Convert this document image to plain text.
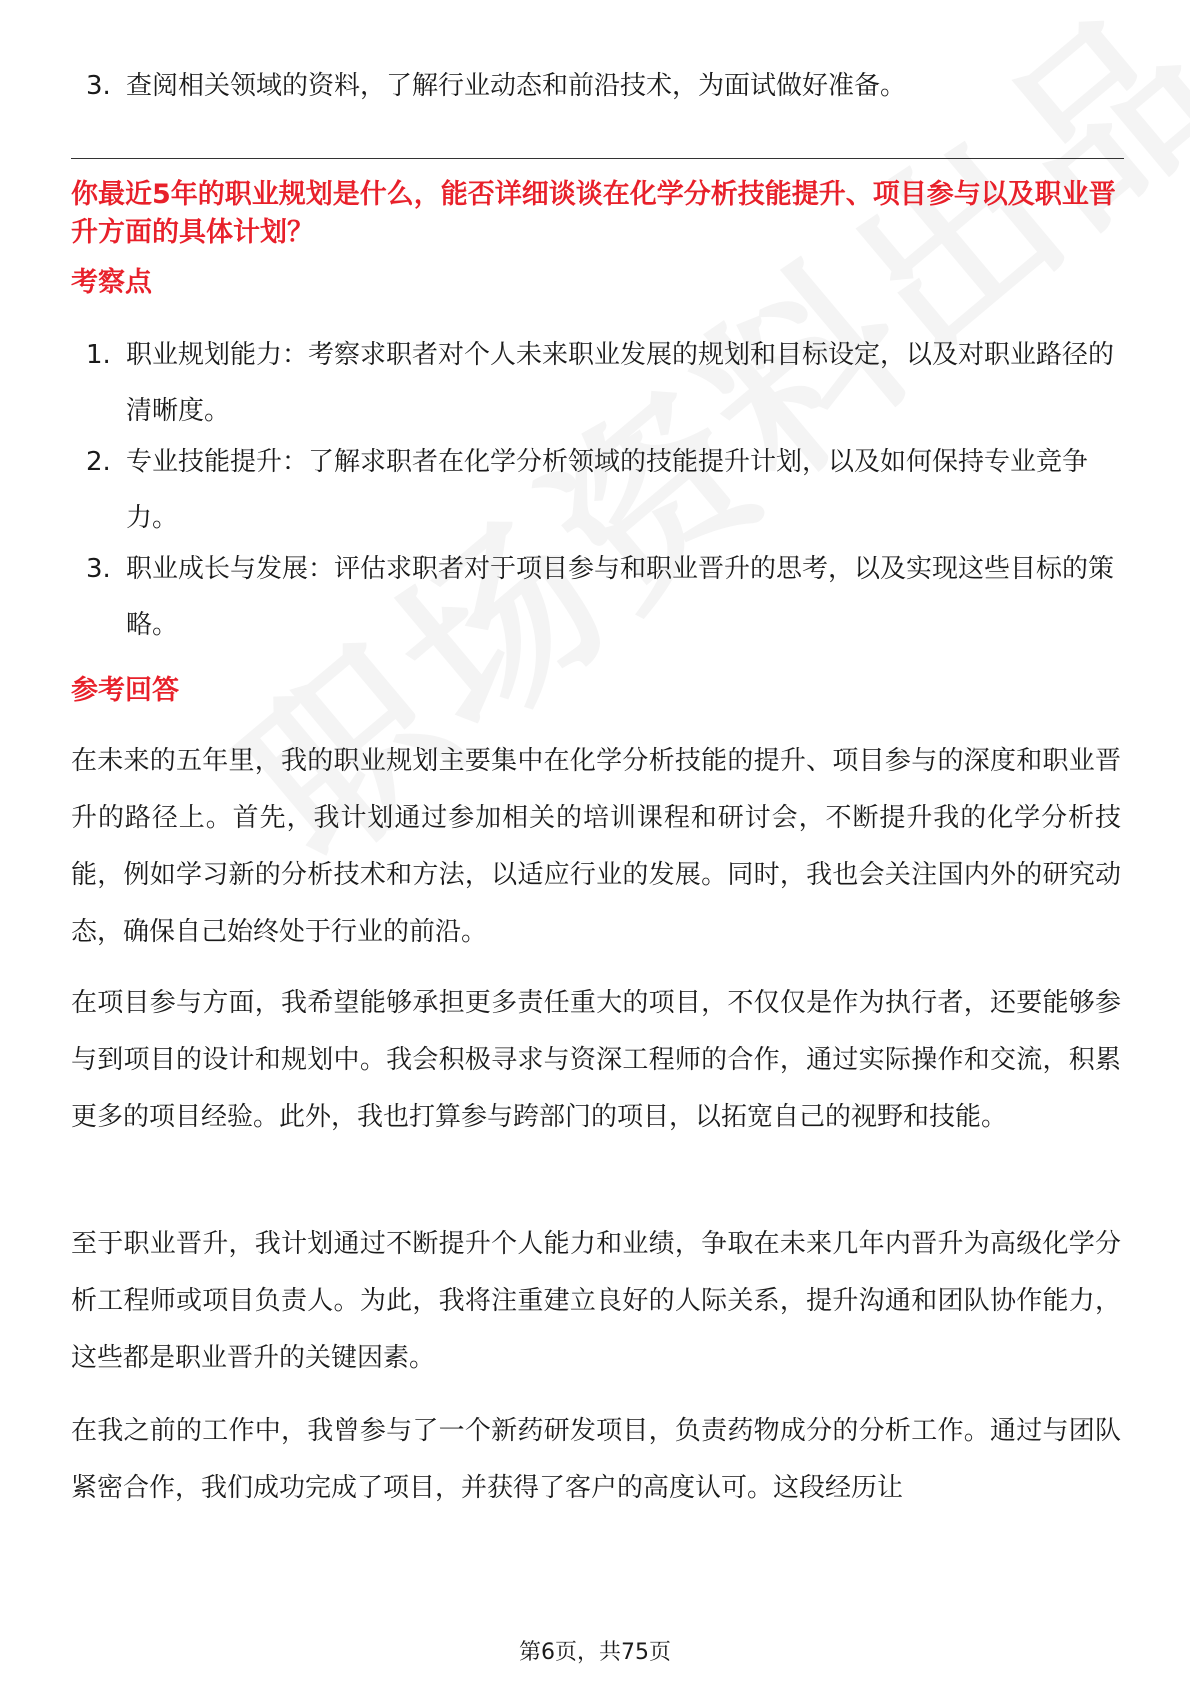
3. 查阅相关领域的资料，了解行业动态和前沿技术，为面试做好准备。
你最近5年的职业规划是什么，能否详细谈谈在化学分析技能提升、项目参与以及职业晋升方面的具体计划？
考察点
1. 职业规划能力：考察求职者对个人未来职业发展的规划和目标设定，以及对职业路径的清晰度。
2. 专业技能提升：了解求职者在化学分析领域的技能提升计划，以及如何保持专业竞争力。
3. 职业成长与发展：评估求职者对于项目参与和职业晋升的思考，以及实现这些目标的策略。
参考回答
在未来的五年里，我的职业规划主要集中在化学分析技能的提升、项目参与的深度和职业晋升的路径上。首先，我计划通过参加相关的培训课程和研讨会，不断提升我的化学分析技能，例如学习新的分析技术和方法，以适应行业的发展。同时，我也会关注国内外的研究动态，确保自己始终处于行业的前沿。
在项目参与方面，我希望能够承担更多责任重大的项目，不仅仅是作为执行者，还要能够参与到项目的设计和规划中。我会积极寻求与资深工程师的合作，通过实际操作和交流，积累更多的项目经验。此外，我也打算参与跨部门的项目，以拓宽自己的视野和技能。
至于职业晋升，我计划通过不断提升个人能力和业绩，争取在未来几年内晋升为高级化学分析工程师或项目负责人。为此，我将注重建立良好的人际关系，提升沟通和团队协作能力，这些都是职业晋升的关键因素。
在我之前的工作中，我曾参与了一个新药研发项目，负责药物成分的分析工作。通过与团队紧密合作，我们成功完成了项目，并获得了客户的高度认可。这段经历让
第6页，共75页
